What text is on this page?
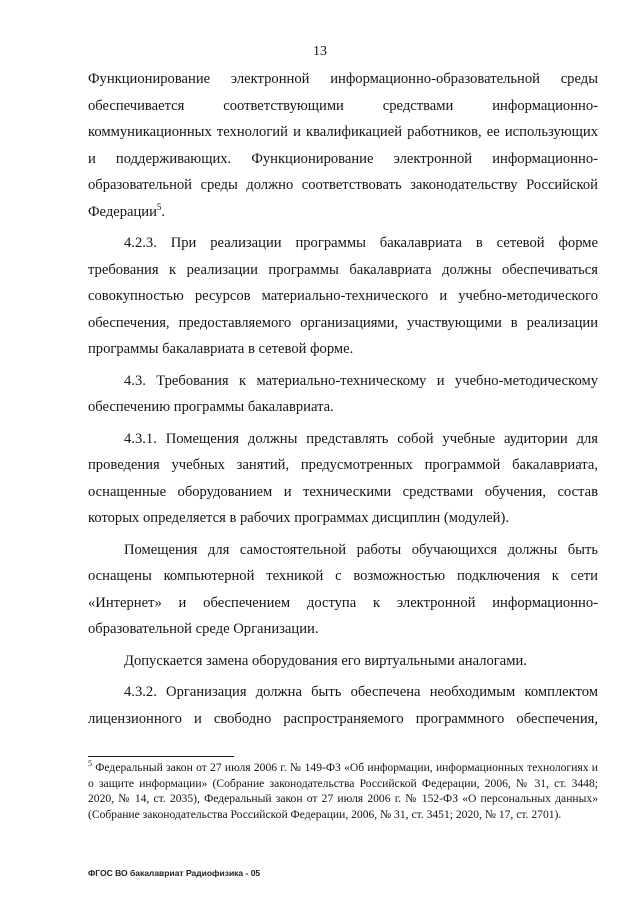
13

Функционирование электронной информационно-образовательной среды обеспечивается соответствующими средствами информационно-коммуникационных технологий и квалификацией работников, ее использующих и поддерживающих. Функционирование электронной информационно-образовательной среды должно соответствовать законодательству Российской Федерации$^5$.

4.2.3. При реализации программы бакалавриата в сетевой форме требования к реализации программы бакалавриата должны обеспечиваться совокупностью ресурсов материально-технического и учебно-методического обеспечения, предоставляемого организациями, участвующими в реализации программы бакалавриата в сетевой форме.

4.3. Требования к материально-техническому и учебно-методическому обеспечению программы бакалавриата.

4.3.1. Помещения должны представлять собой учебные аудитории для проведения учебных занятий, предусмотренных программой бакалавриата, оснащенные оборудованием и техническими средствами обучения, состав которых определяется в рабочих программах дисциплин (модулей).

Помещения для самостоятельной работы обучающихся должны быть оснащены компьютерной техникой с возможностью подключения к сети «Интернет» и обеспечением доступа к электронной информационно-образовательной среде Организации.

Допускается замена оборудования его виртуальными аналогами.

4.3.2. Организация должна быть обеспечена необходимым комплектом лицензионного и свободно распространяемого программного обеспечения,

$^5$ Федеральный закон от 27 июля 2006 г. № 149-ФЗ «Об информации, информационных технологиях и о защите информации» (Собрание законодательства Российской Федерации, 2006, № 31, ст. 3448; 2020, № 14, ст. 2035), Федеральный закон от 27 июля 2006 г. № 152-ФЗ «О персональных данных» (Собрание законодательства Российской Федерации, 2006, № 31, ст. 3451; 2020, № 17, ст. 2701).
ФГОС ВО бакалавриат Радиофизика - 05
